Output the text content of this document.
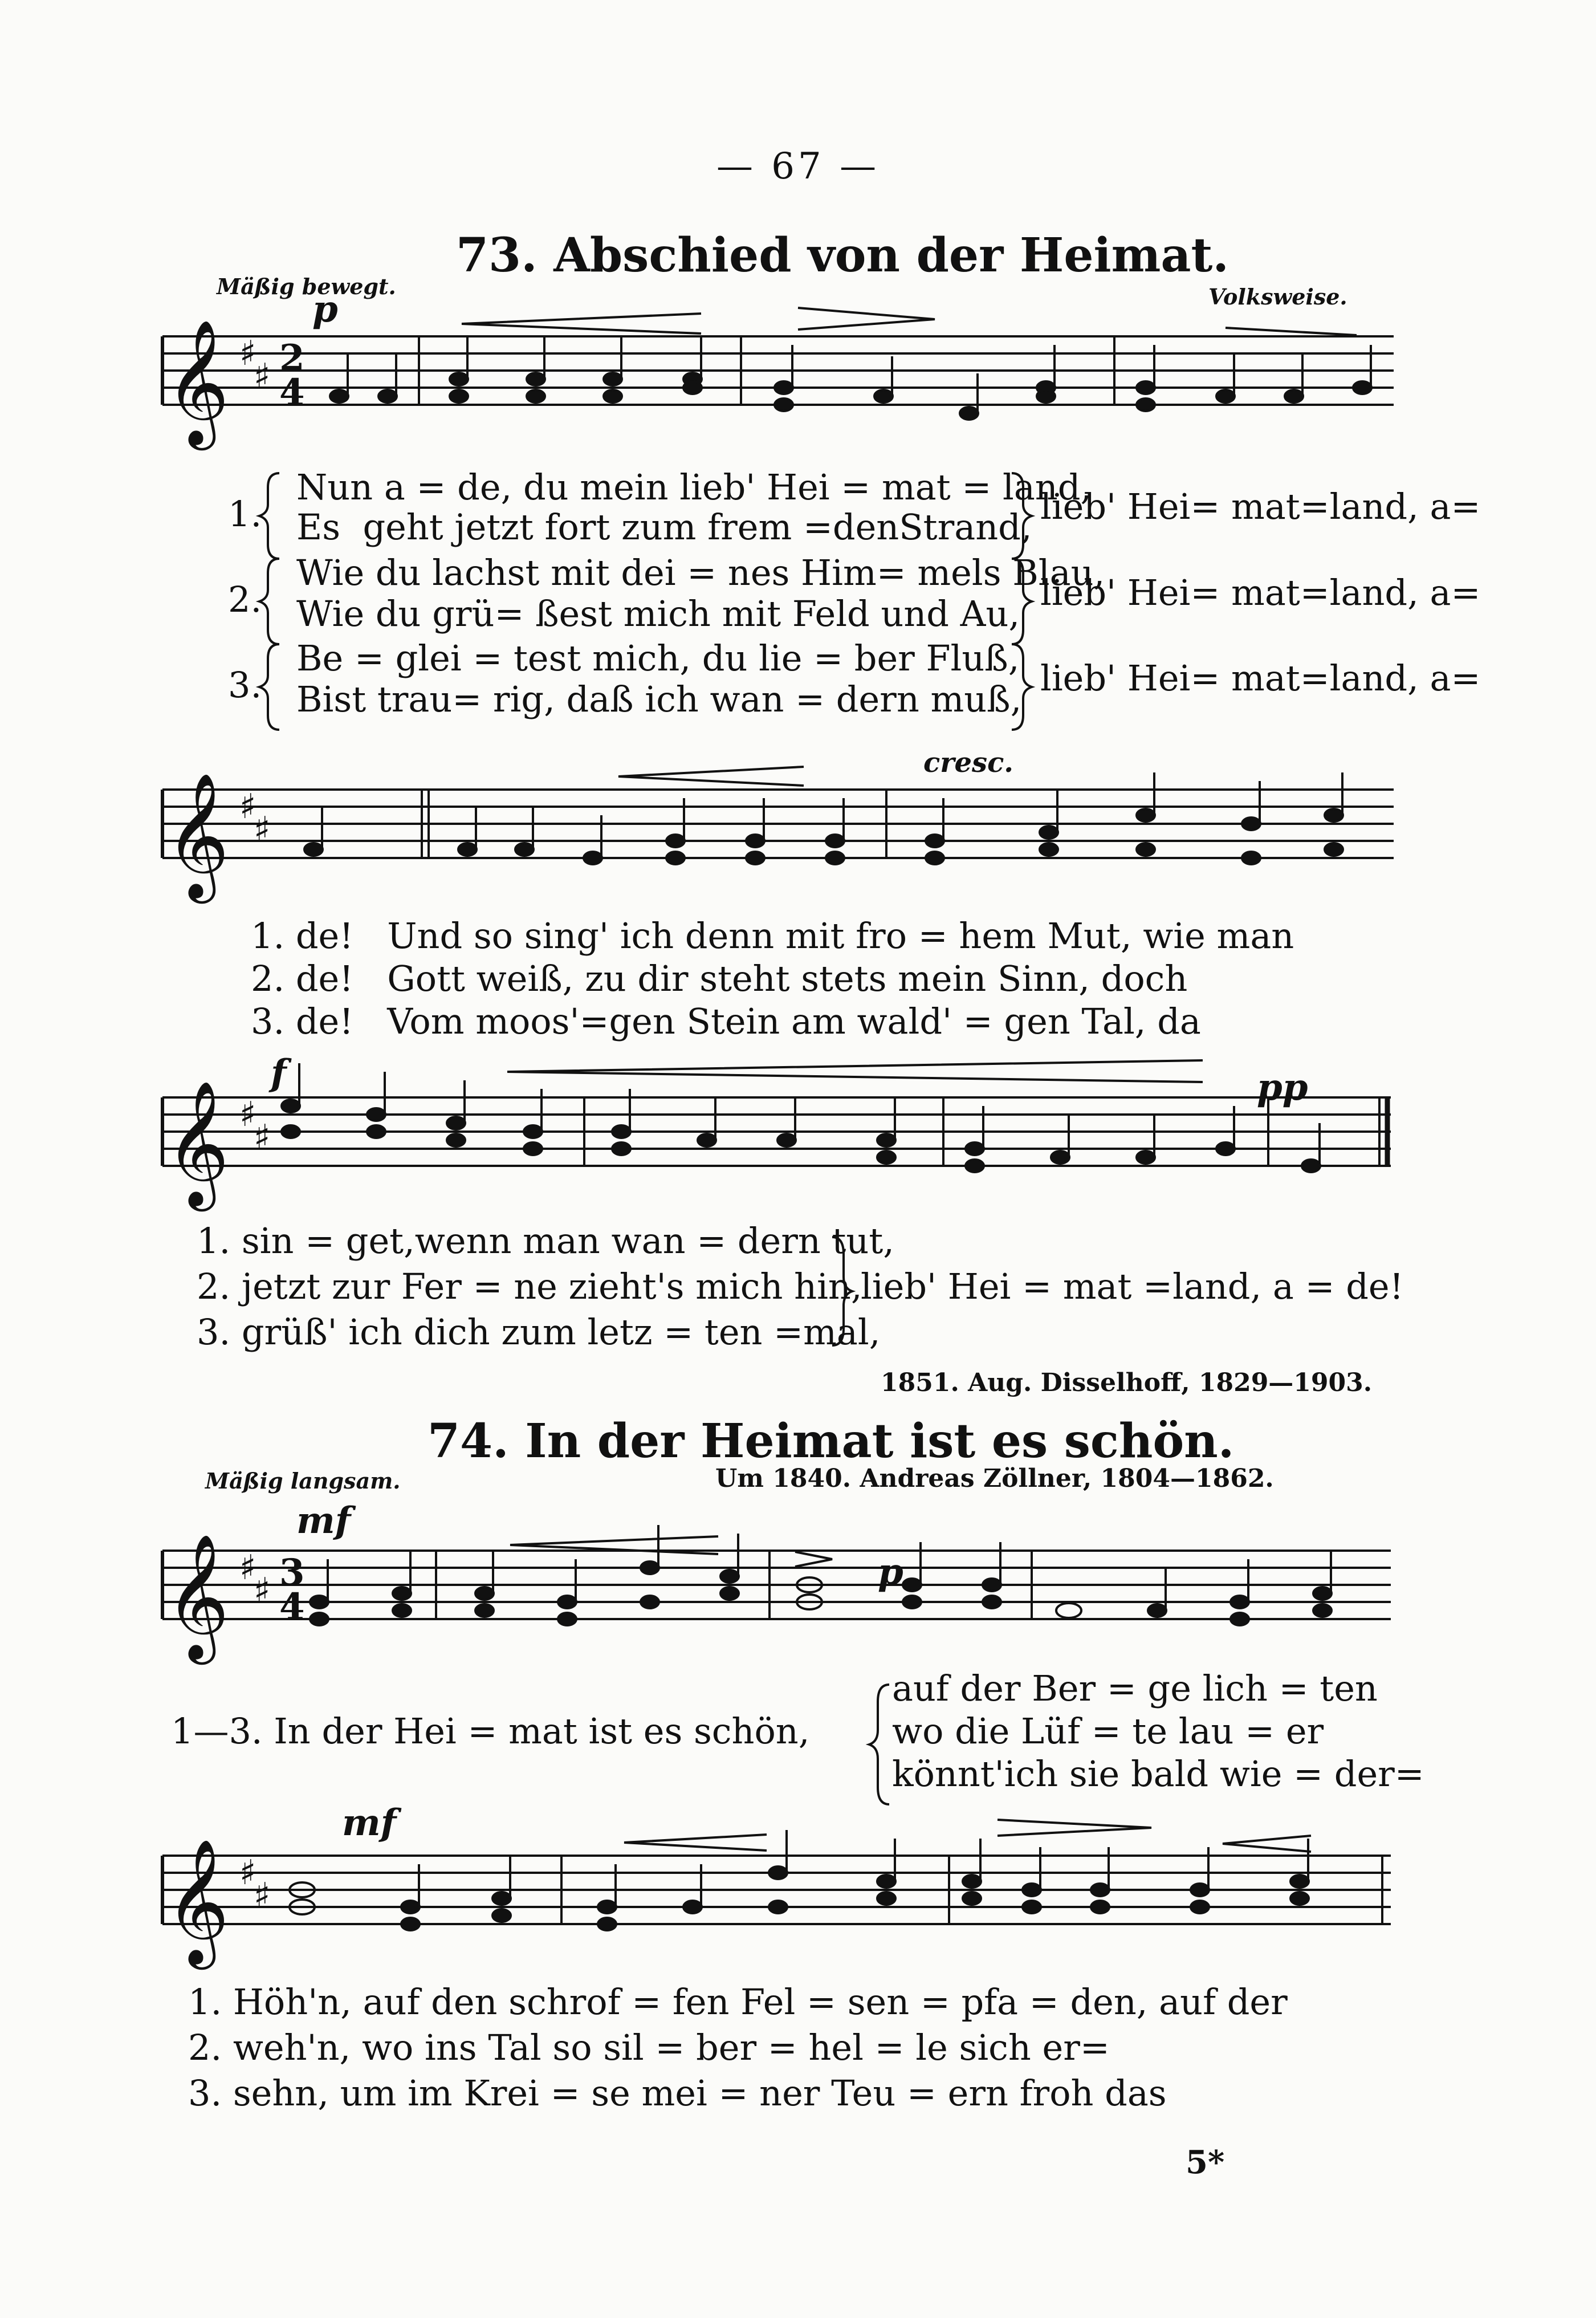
— 67 —
73. Abschied von der Heimat.
Mäßig bewegt.	Volksweise.
p
𝄞
𝄞
𝄞
𝄞
𝄞
♯
♯
♯
♯
♯
♯
♯
♯
♯
♯
2
4
3
4
1.
Nun a = de, du mein lieb' Hei = mat = land,
Es  geht jetzt fort zum frem =denStrand, lieb' Hei= mat=land, a=
2.
Wie du lachst mit dei = nes Him= mels Blau,
Wie du grü= ßest mich mit Feld und Au,
lieb' Hei= mat=land, a=
3.
Be = glei = test mich, du lie = ber Fluß,
Bist trau= rig, daß ich wan = dern muß,
lieb' Hei= mat=land, a=
cresc.
1. de!   Und so sing' ich denn mit fro = hem Mut, wie man
2. de!   Gott weiß, zu dir steht stets mein Sinn, doch
3. de!   Vom moos'=gen Stein am wald' = gen Tal, da
f	pp
1. sin = get,wenn man wan = dern tut,
2. jetzt zur Fer = ne zieht's mich hin,
3. grüß' ich dich zum letz = ten =mal,
lieb' Hei = mat =land, a = de!
1851. Aug. Disselhoff, 1829—1903.
74. In der Heimat ist es schön.
Mäßig langsam.	Um 1840. Andreas Zöllner, 1804—1862.
mf
p
1—3. In der Hei = mat ist es schön,
auf der Ber = ge lich = ten
wo die Lüf = te lau = er
könnt'ich sie bald wie = der=
mf
1. Höh'n, auf den schrof = fen Fel = sen = pfa = den, auf der
2. weh'n, wo ins Tal so sil = ber = hel = le sich er=
3. sehn, um im Krei = se mei = ner Teu = ern froh das
5*
